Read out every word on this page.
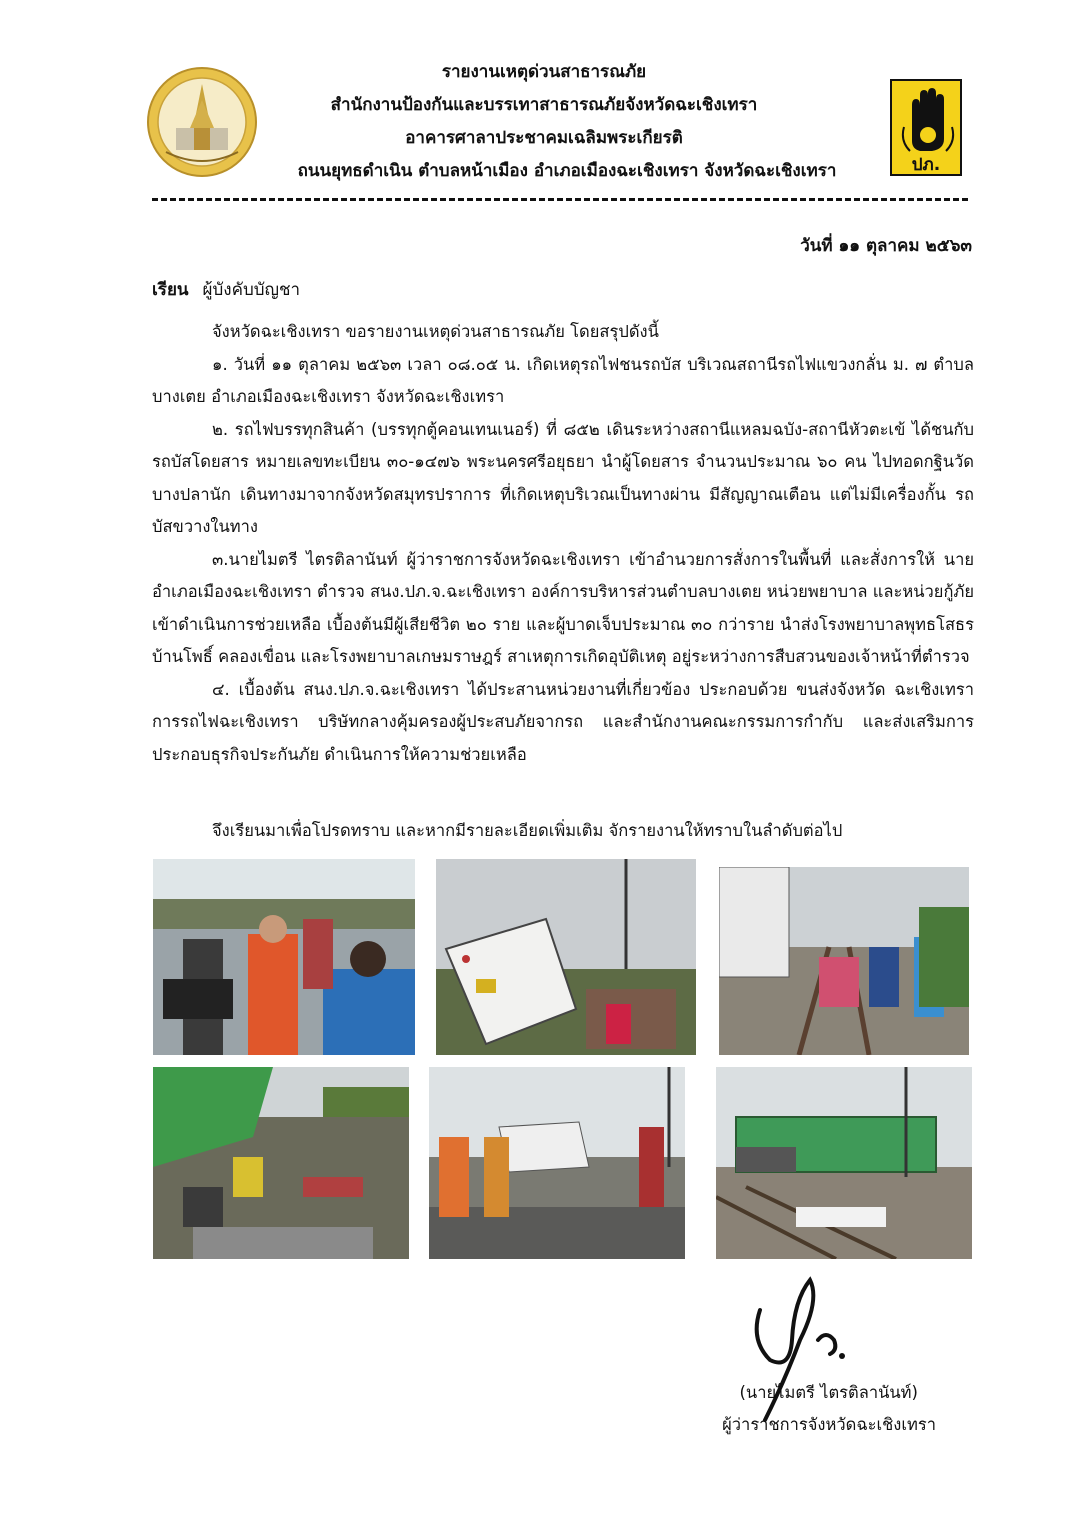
ปภ.
รายงานเหตุด่วนสาธารณภัย
สำนักงานป้องกันและบรรเทาสาธารณภัยจังหวัดฉะเชิงเทรา
อาคารศาลาประชาคมเฉลิมพระเกียรติ
ถนนยุทธดำเนิน ตำบลหน้าเมือง อำเภอเมืองฉะเชิงเทรา จังหวัดฉะเชิงเทรา
วันที่ ๑๑ ตุลาคม ๒๕๖๓
เรียน ผู้บังคับบัญชา

จังหวัดฉะเชิงเทรา ขอรายงานเหตุด่วนสาธารณภัย โดยสรุปดังนี้

๑. วันที่ ๑๑ ตุลาคม ๒๕๖๓ เวลา ๐๘.๐๕ น. เกิดเหตุรถไฟชนรถบัส บริเวณสถานีรถไฟแขวงกลั่น ม. ๗ ตำบลบางเตย อำเภอเมืองฉะเชิงเทรา จังหวัดฉะเชิงเทรา

๒. รถไฟบรรทุกสินค้า (บรรทุกตู้คอนเทนเนอร์) ที่ ๘๕๒ เดินระหว่างสถานีแหลมฉบัง-สถานีหัวตะเข้ ได้ชนกับรถบัสโดยสาร หมายเลขทะเบียน ๓๐-๑๔๗๖ พระนครศรีอยุธยา นำผู้โดยสาร จำนวนประมาณ ๖๐ คน ไปทอดกฐินวัดบางปลานัก เดินทางมาจากจังหวัดสมุทรปราการ ที่เกิดเหตุบริเวณเป็นทางผ่าน มีสัญญาณเตือน แต่ไม่มีเครื่องกั้น รถบัสขวางในทาง

๓.นายไมตรี ไตรติลานันท์ ผู้ว่าราชการจังหวัดฉะเชิงเทรา เข้าอำนวยการสั่งการในพื้นที่ และสั่งการให้ นายอำเภอเมืองฉะเชิงเทรา ตำรวจ สนง.ปภ.จ.ฉะเชิงเทรา องค์การบริหารส่วนตำบลบางเตย หน่วยพยาบาล และหน่วยกู้ภัยเข้าดำเนินการช่วยเหลือ เบื้องต้นมีผู้เสียชีวิต ๒๐ ราย และผู้บาดเจ็บประมาณ ๓๐ กว่าราย นำส่งโรงพยาบาลพุทธโสธร บ้านโพธิ์ คลองเขื่อน และโรงพยาบาลเกษมราษฎร์ สาเหตุการเกิดอุบัติเหตุ อยู่ระหว่างการสืบสวนของเจ้าหน้าที่ตำรวจ

๔. เบื้องต้น สนง.ปภ.จ.ฉะเชิงเทรา ได้ประสานหน่วยงานที่เกี่ยวข้อง ประกอบด้วย ขนส่งจังหวัด ฉะเชิงเทรา การรถไฟฉะเชิงเทรา บริษัทกลางคุ้มครองผู้ประสบภัยจากรถ และสำนักงานคณะกรรมการกำกับ และส่งเสริมการประกอบธุรกิจประกันภัย ดำเนินการให้ความช่วยเหลือ

จึงเรียนมาเพื่อโปรดทราบ และหากมีรายละเอียดเพิ่มเติม จักรายงานให้ทราบในลำดับต่อไป
(นายไมตรี ไตรติลานันท์)
ผู้ว่าราชการจังหวัดฉะเชิงเทรา
